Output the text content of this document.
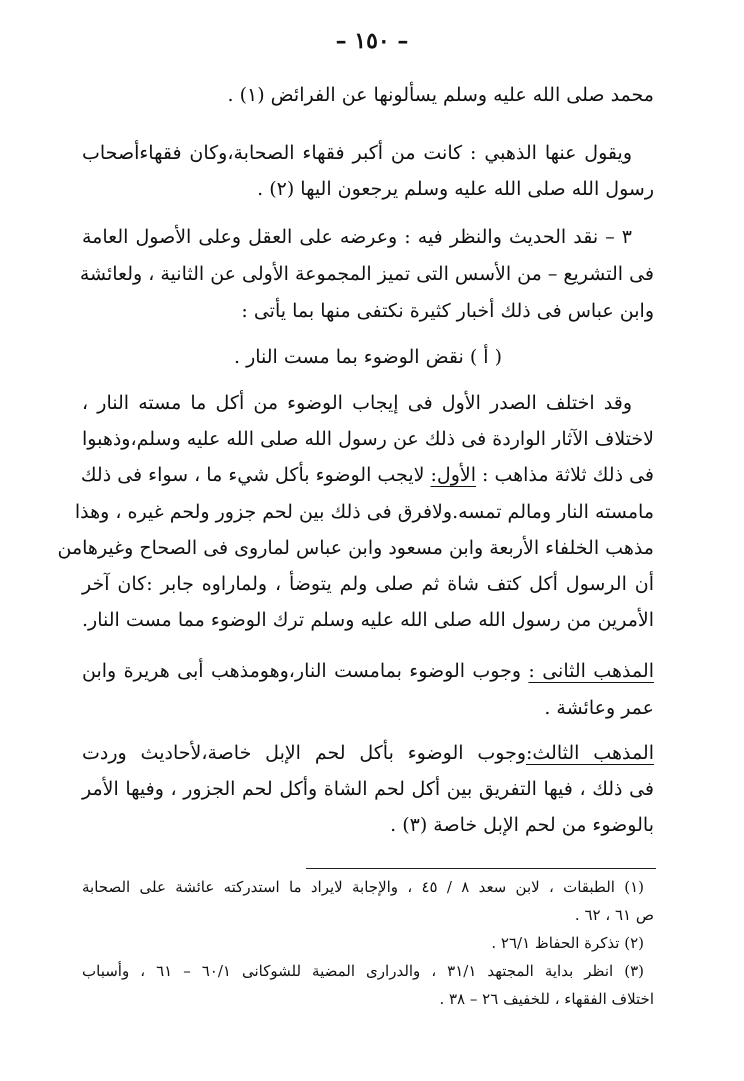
– ١٥٠ –
محمد صلى الله عليه وسلم يسألونها عن الفرائض (١) .
ويقول عنها الذهبي : كانت من أكبر فقهاء الصحابة،وكان فقهاءأصحاب
رسول الله صلى الله عليه وسلم يرجعون اليها (٢) .
٣ – نقد الحديث والنظر فيه : وعرضه على العقل وعلى الأصول العامة
فى التشريع – من الأسس التى تميز المجموعة الأولى عن الثانية ، ولعائشة
وابن عباس فى ذلك أخبار كثيرة نكتفى منها بما يأتى :
( أ ) نقض الوضوء بما مست النار .
وقد اختلف الصدر الأول فى إيجاب الوضوء من أكل ما مسته النار ،
لاختلاف الآثار الواردة فى ذلك عن رسول الله صلى الله عليه وسلم،وذهبوا
فى ذلك ثلاثة مذاهب : الأول: لايجب الوضوء بأكل شيء ما ، سواء فى ذلك
مامسته النار ومالم تمسه.ولافرق فى ذلك بين لحم جزور ولحم غيره ، وهذا
مذهب الخلفاء الأربعة وابن مسعود وابن عباس لماروى فى الصحاح وغيرهامن
أن الرسول أكل كتف شاة ثم صلى ولم يتوضأ ، ولماراوه جابر :كان آخر
الأمرين من رسول الله صلى الله عليه وسلم ترك الوضوء مما مست النار.
المذهب الثانى : وجوب الوضوء بمامست النار،وهومذهب أبى هريرة وابن
عمر وعائشة .
المذهب الثالث:وجوب الوضوء بأكل لحم الإبل خاصة،لأحاديث وردت
فى ذلك ، فيها التفريق بين أكل لحم الشاة وأكل لحم الجزور ، وفيها الأمر
بالوضوء من لحم الإبل خاصة (٣) .
(١) الطبقات ، لابن سعد ٨ / ٤٥ ، والإجابة لايراد ما استدركته عائشة على الصحابة
ص ٦١ ، ٦٢ .
(٢) تذكرة الحفاظ ٢٦/١ .
(٣) انظر بداية المجتهد ٣١/١ ، والدرارى المضية للشوكانى ٦٠/١ – ٦١ ، وأسباب
اختلاف الفقهاء ، للخفيف ٢٦ – ٣٨ .
